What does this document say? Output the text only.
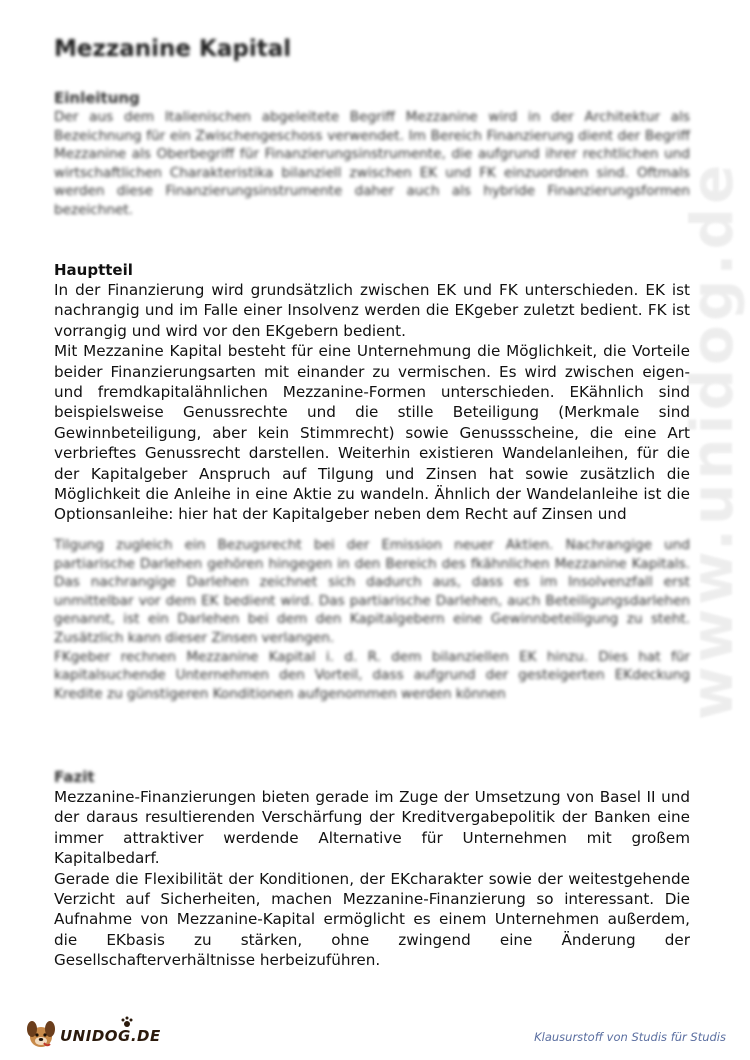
www.unidog.de
Mezzanine Kapital

Einleitung

Der aus dem Italienischen abgeleitete Begriff Mezzanine wird in der Architektur als Bezeichnung für ein Zwischengeschoss verwendet. Im Bereich Finanzierung dient der Begriff Mezzanine als Oberbegriff für Finanzierungsinstrumente, die aufgrund ihrer rechtlichen und wirtschaftlichen Charakteristika bilanziell zwischen EK und FK einzuordnen sind. Oftmals werden diese Finanzierungsinstrumente daher auch als hybride Finanzierungsformen bezeichnet.

Hauptteil

In der Finanzierung wird grundsätzlich zwischen EK und FK unterschieden. EK ist nachrangig und im Falle einer Insolvenz werden die EKgeber zuletzt bedient. FK ist vorrangig und wird vor den EKgebern bedient.

Mit Mezzanine Kapital besteht für eine Unternehmung die Möglichkeit, die Vorteile beider Finanzierungsarten mit einander zu vermischen. Es wird zwischen eigen- und fremdkapitalähnlichen Mezzanine-Formen unterschieden. EKähnlich sind beispielsweise Genussrechte und die stille Beteiligung (Merkmale sind Gewinnbeteiligung, aber kein Stimmrecht) sowie Genussscheine, die eine Art verbrieftes Genussrecht darstellen. Weiterhin existieren Wandelanleihen, für die der Kapitalgeber Anspruch auf Tilgung und Zinsen hat sowie zusätzlich die Möglichkeit die Anleihe in eine Aktie zu wandeln. Ähnlich der Wandelanleihe ist die Optionsanleihe: hier hat der Kapitalgeber neben dem Recht auf Zinsen und

Tilgung zugleich ein Bezugsrecht bei der Emission neuer Aktien. Nachrangige und partiarische Darlehen gehören hingegen in den Bereich des fkähnlichen Mezzanine Kapitals. Das nachrangige Darlehen zeichnet sich dadurch aus, dass es im Insolvenzfall erst unmittelbar vor dem EK bedient wird. Das partiarische Darlehen, auch Beteiligungsdarlehen genannt, ist ein Darlehen bei dem den Kapitalgebern eine Gewinnbeteiligung zu steht. Zusätzlich kann dieser Zinsen verlangen.

FKgeber rechnen Mezzanine Kapital i. d. R. dem bilanziellen EK hinzu. Dies hat für kapitalsuchende Unternehmen den Vorteil, dass aufgrund der gesteigerten EKdeckung Kredite zu günstigeren Konditionen aufgenommen werden können

Fazit

Mezzanine-Finanzierungen bieten gerade im Zuge der Umsetzung von Basel II und der daraus resultierenden Verschärfung der Kreditvergabepolitik der Banken eine immer attraktiver werdende Alternative für Unternehmen mit großem Kapitalbedarf.

Gerade die Flexibilität der Konditionen, der EKcharakter sowie der weitestgehende Verzicht auf Sicherheiten, machen Mezzanine-Finanzierung so interessant. Die Aufnahme von Mezzanine-Kapital ermöglicht es einem Unternehmen außerdem, die EKbasis zu stärken, ohne zwingend eine Änderung der Gesellschafterverhältnisse herbeizuführen.

UNIDOG.DE	Klausurstoff von Studis für Studis
